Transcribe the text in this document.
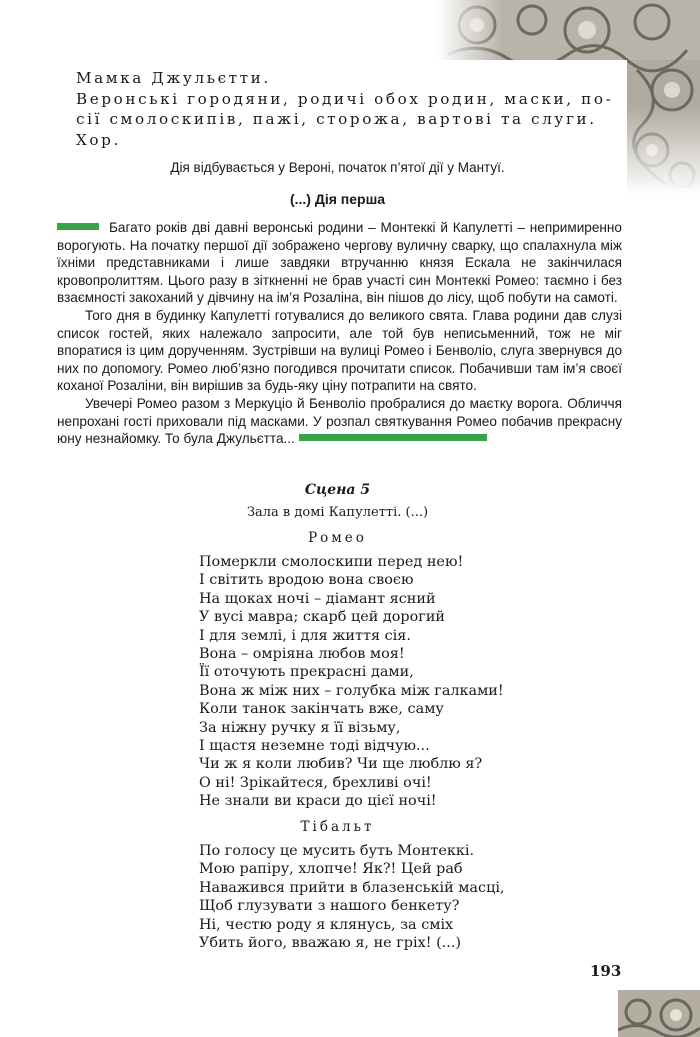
Мамка Джульєтти.

Веронські городяни, родичі обох родин, маски, по-

сії смолоскипів, пажі, сторожа, вартові та слуги.

Хор.

Дія відбувається у Вероні, початок п’ятої дії у Мантуї.
(...) Дія перша

Багато років дві давні веронські родини – Монтеккі й Капулетті – непримиренно ворогують. На початку першої дії зображено чергову вуличну сварку, що спалахнула між їхніми представниками і лише завдяки втручанню князя Ескала не закінчилася кровопролиттям. Цього разу в зіткненні не брав участі син Монтеккі Ромео: таємно і без взаємності закоханий у дівчину на ім’я Розаліна, він пішов до лісу, щоб побути на самоті.

Того дня в будинку Капулетті готувалися до великого свята. Глава родини дав слузі список гостей, яких належало запросити, але той був неписьменний, тож не міг впоратися із цим дорученням. Зустрівши на вулиці Ромео і Бенволіо, слуга звернувся до них по допомогу. Ромео люб’язно погодився прочитати список. Побачивши там ім’я своєї коханої Розаліни, він вирішив за будь-яку ціну потрапити на свято.

Увечері Ромео разом з Меркуціо й Бенволіо пробралися до маєтку ворога. Обличчя непрохані гості приховали під масками. У розпал святкування Ромео побачив прекрасну юну незнайомку. То була Джульєтта...

Сцена 5
Зала в домі Капулетті. (...)
Ромео
Померкли смолоскипи перед нею!
І світить вродою вона своєю
На щоках ночі – діамант ясний
У вусі мавра; скарб цей дорогий
І для землі, і для життя сія.
Вона – омріяна любов моя!
Її оточують прекрасні дами,
Вона ж між них – голубка між галками!
Коли танок закінчать вже, саму
За ніжну ручку я її візьму,
І щастя неземне тоді відчую...
Чи ж я коли любив? Чи ще люблю я?
О ні! Зрікайтеся, брехливі очі!
Не знали ви краси до цієї ночі!
Тібальт
По голосу це мусить буть Монтеккі.
Мою рапіру, хлопче! Як?! Цей раб
Наважився прийти в блазенській масці,
Щоб глузувати з нашого бенкету?
Ні, честю роду я клянусь, за сміх
Убить його, вважаю я, не гріх! (...)
193
